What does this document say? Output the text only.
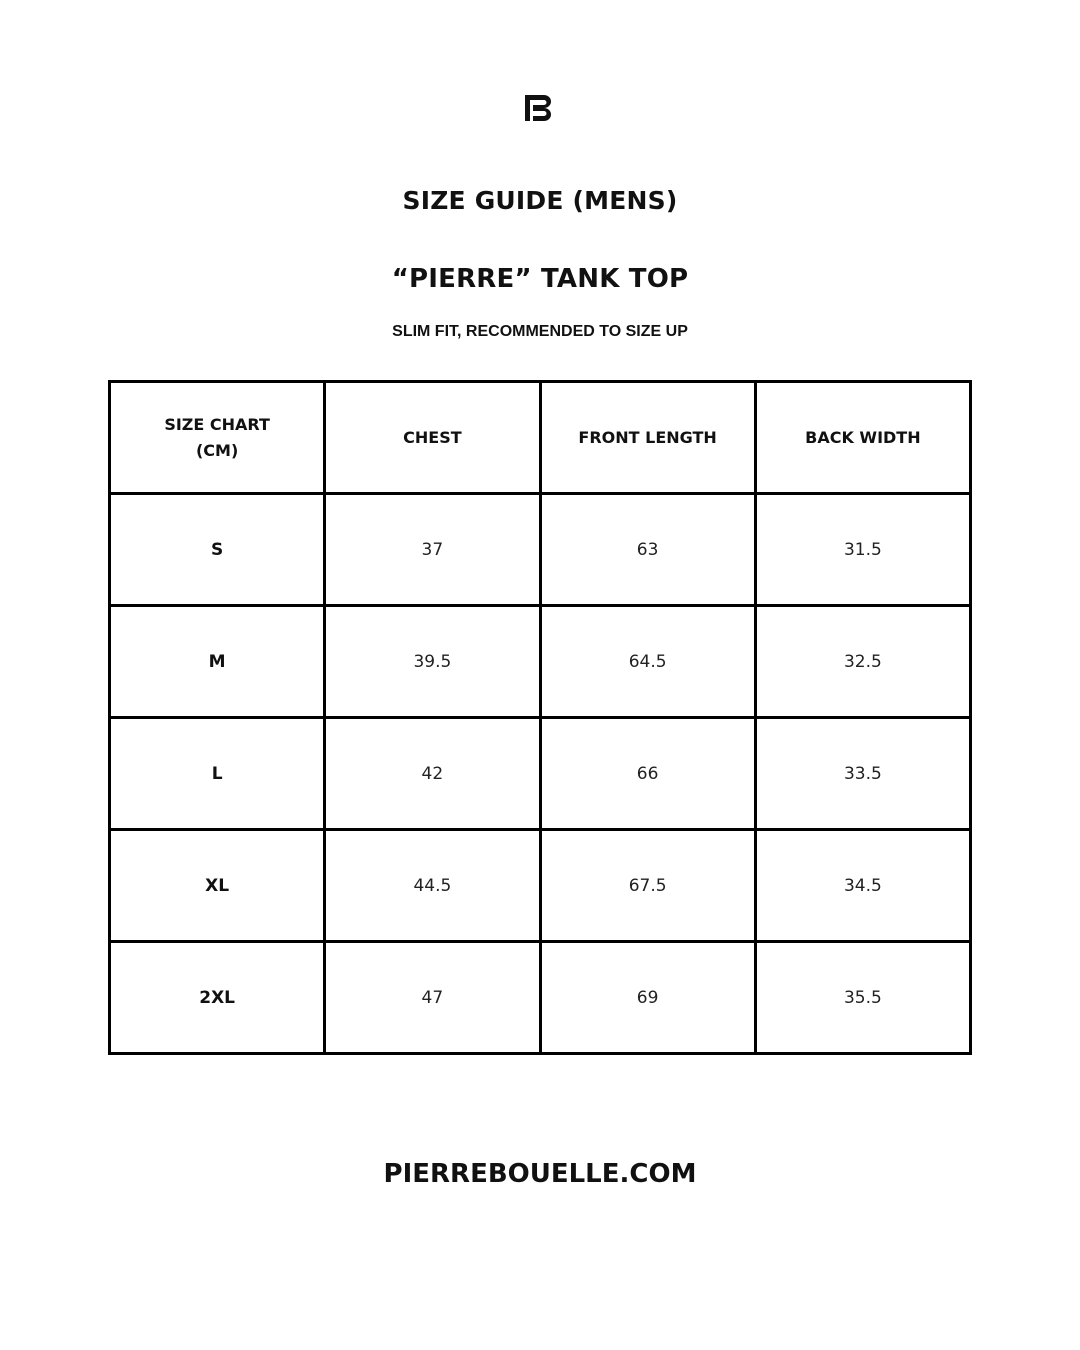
SIZE GUIDE (MENS)
“PIERRE” TANK TOP
SLIM FIT, RECOMMENDED TO SIZE UP
SIZE CHART
(CM)	CHEST	FRONT LENGTH	BACK WIDTH
S	37	63	31.5
M	39.5	64.5	32.5
L	42	66	33.5
XL	44.5	67.5	34.5
2XL	47	69	35.5
PIERREBOUELLE.COM
